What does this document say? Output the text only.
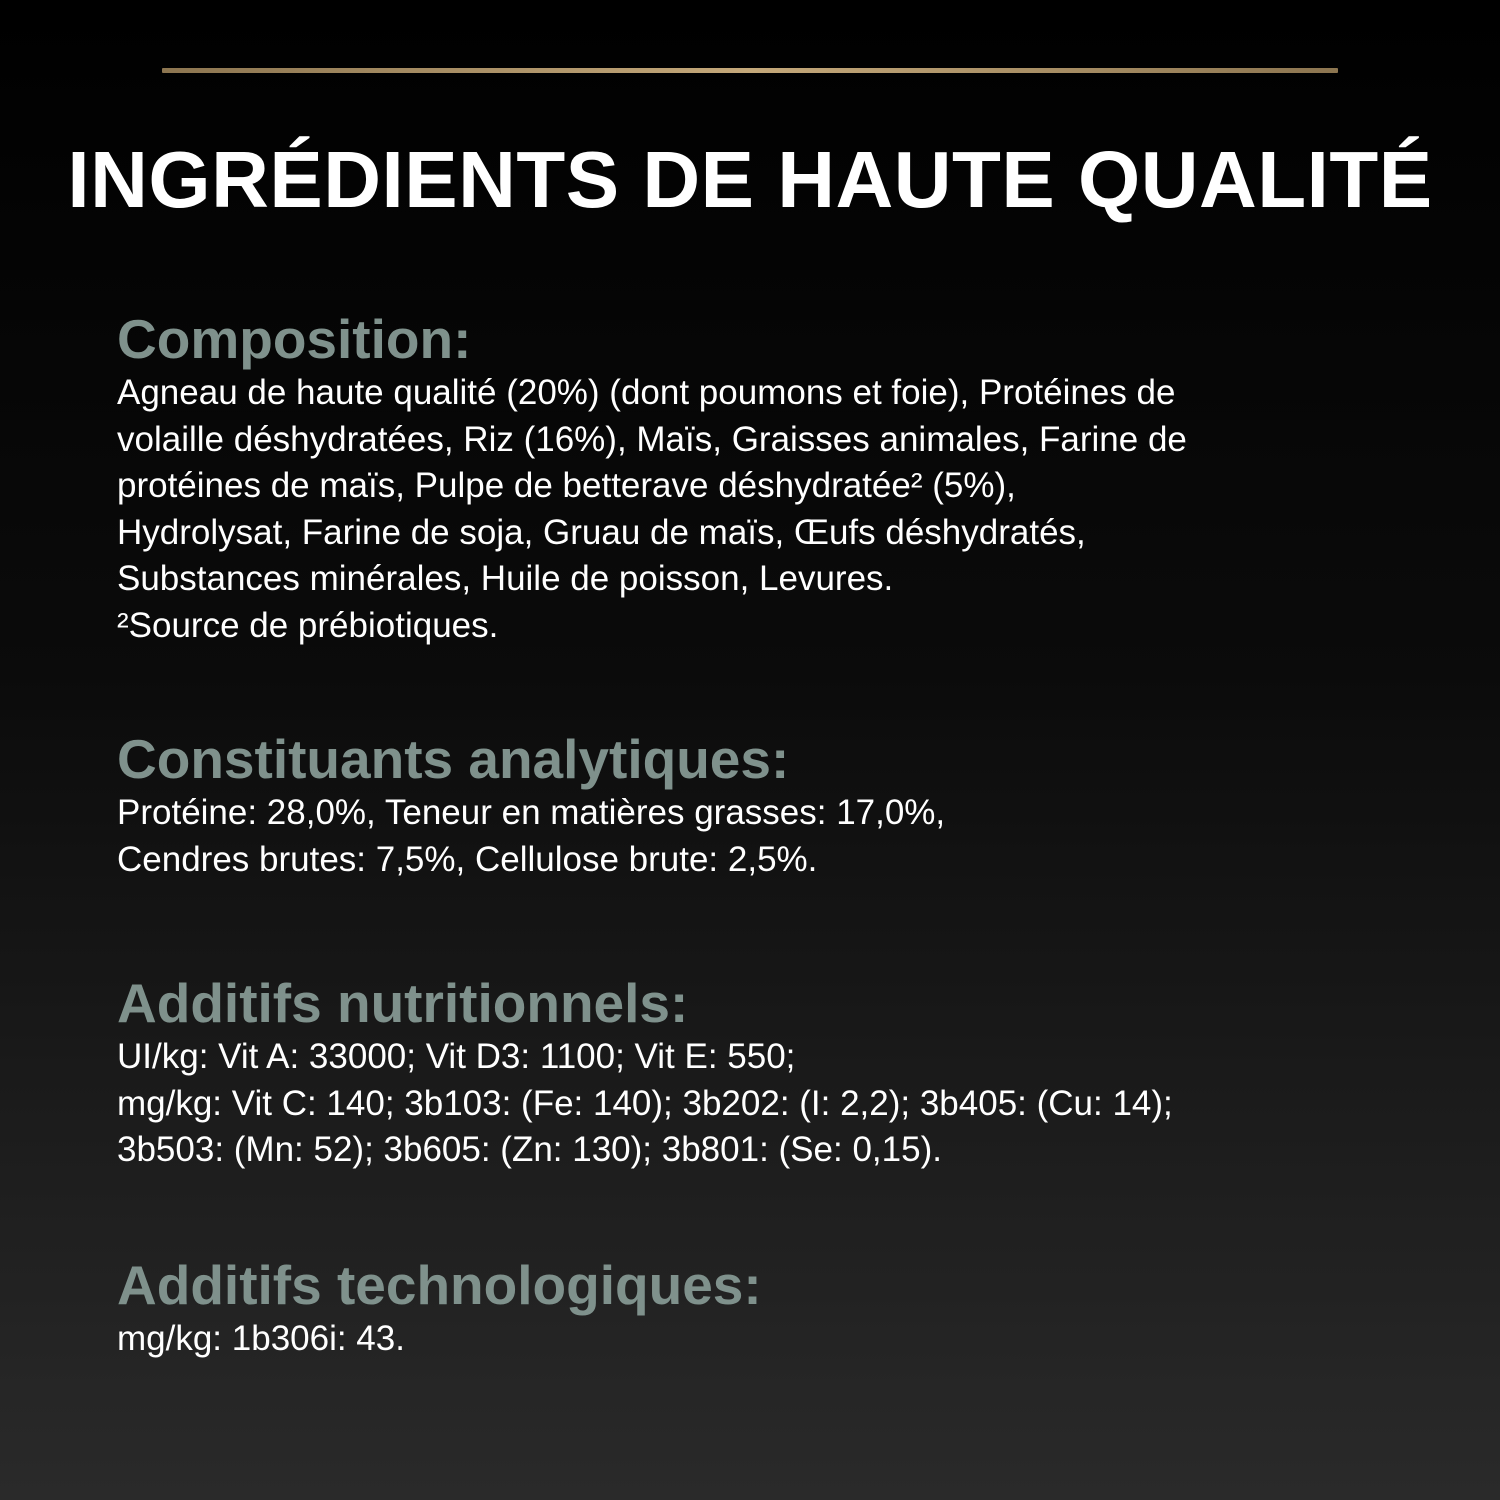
INGRÉDIENTS DE HAUTE QUALITÉ
Composition:

Agneau de haute qualité (20%) (dont poumons et foie), Protéines de
volaille déshydratées, Riz (16%), Maïs, Graisses animales, Farine de
protéines de maïs, Pulpe de betterave déshydratée² (5%),
Hydrolysat, Farine de soja, Gruau de maïs, Œufs déshydratés,
Substances minérales, Huile de poisson, Levures.
²Source de prébiotiques.

Constituants analytiques:

Protéine: 28,0%, Teneur en matières grasses: 17,0%,
Cendres brutes: 7,5%, Cellulose brute: 2,5%.

Additifs nutritionnels:

UI/kg: Vit A: 33000; Vit D3: 1100; Vit E: 550;
mg/kg: Vit C: 140; 3b103: (Fe: 140); 3b202: (I: 2,2); 3b405: (Cu: 14);
3b503: (Mn: 52); 3b605: (Zn: 130); 3b801: (Se: 0,15).

Additifs technologiques:

mg/kg: 1b306i: 43.
